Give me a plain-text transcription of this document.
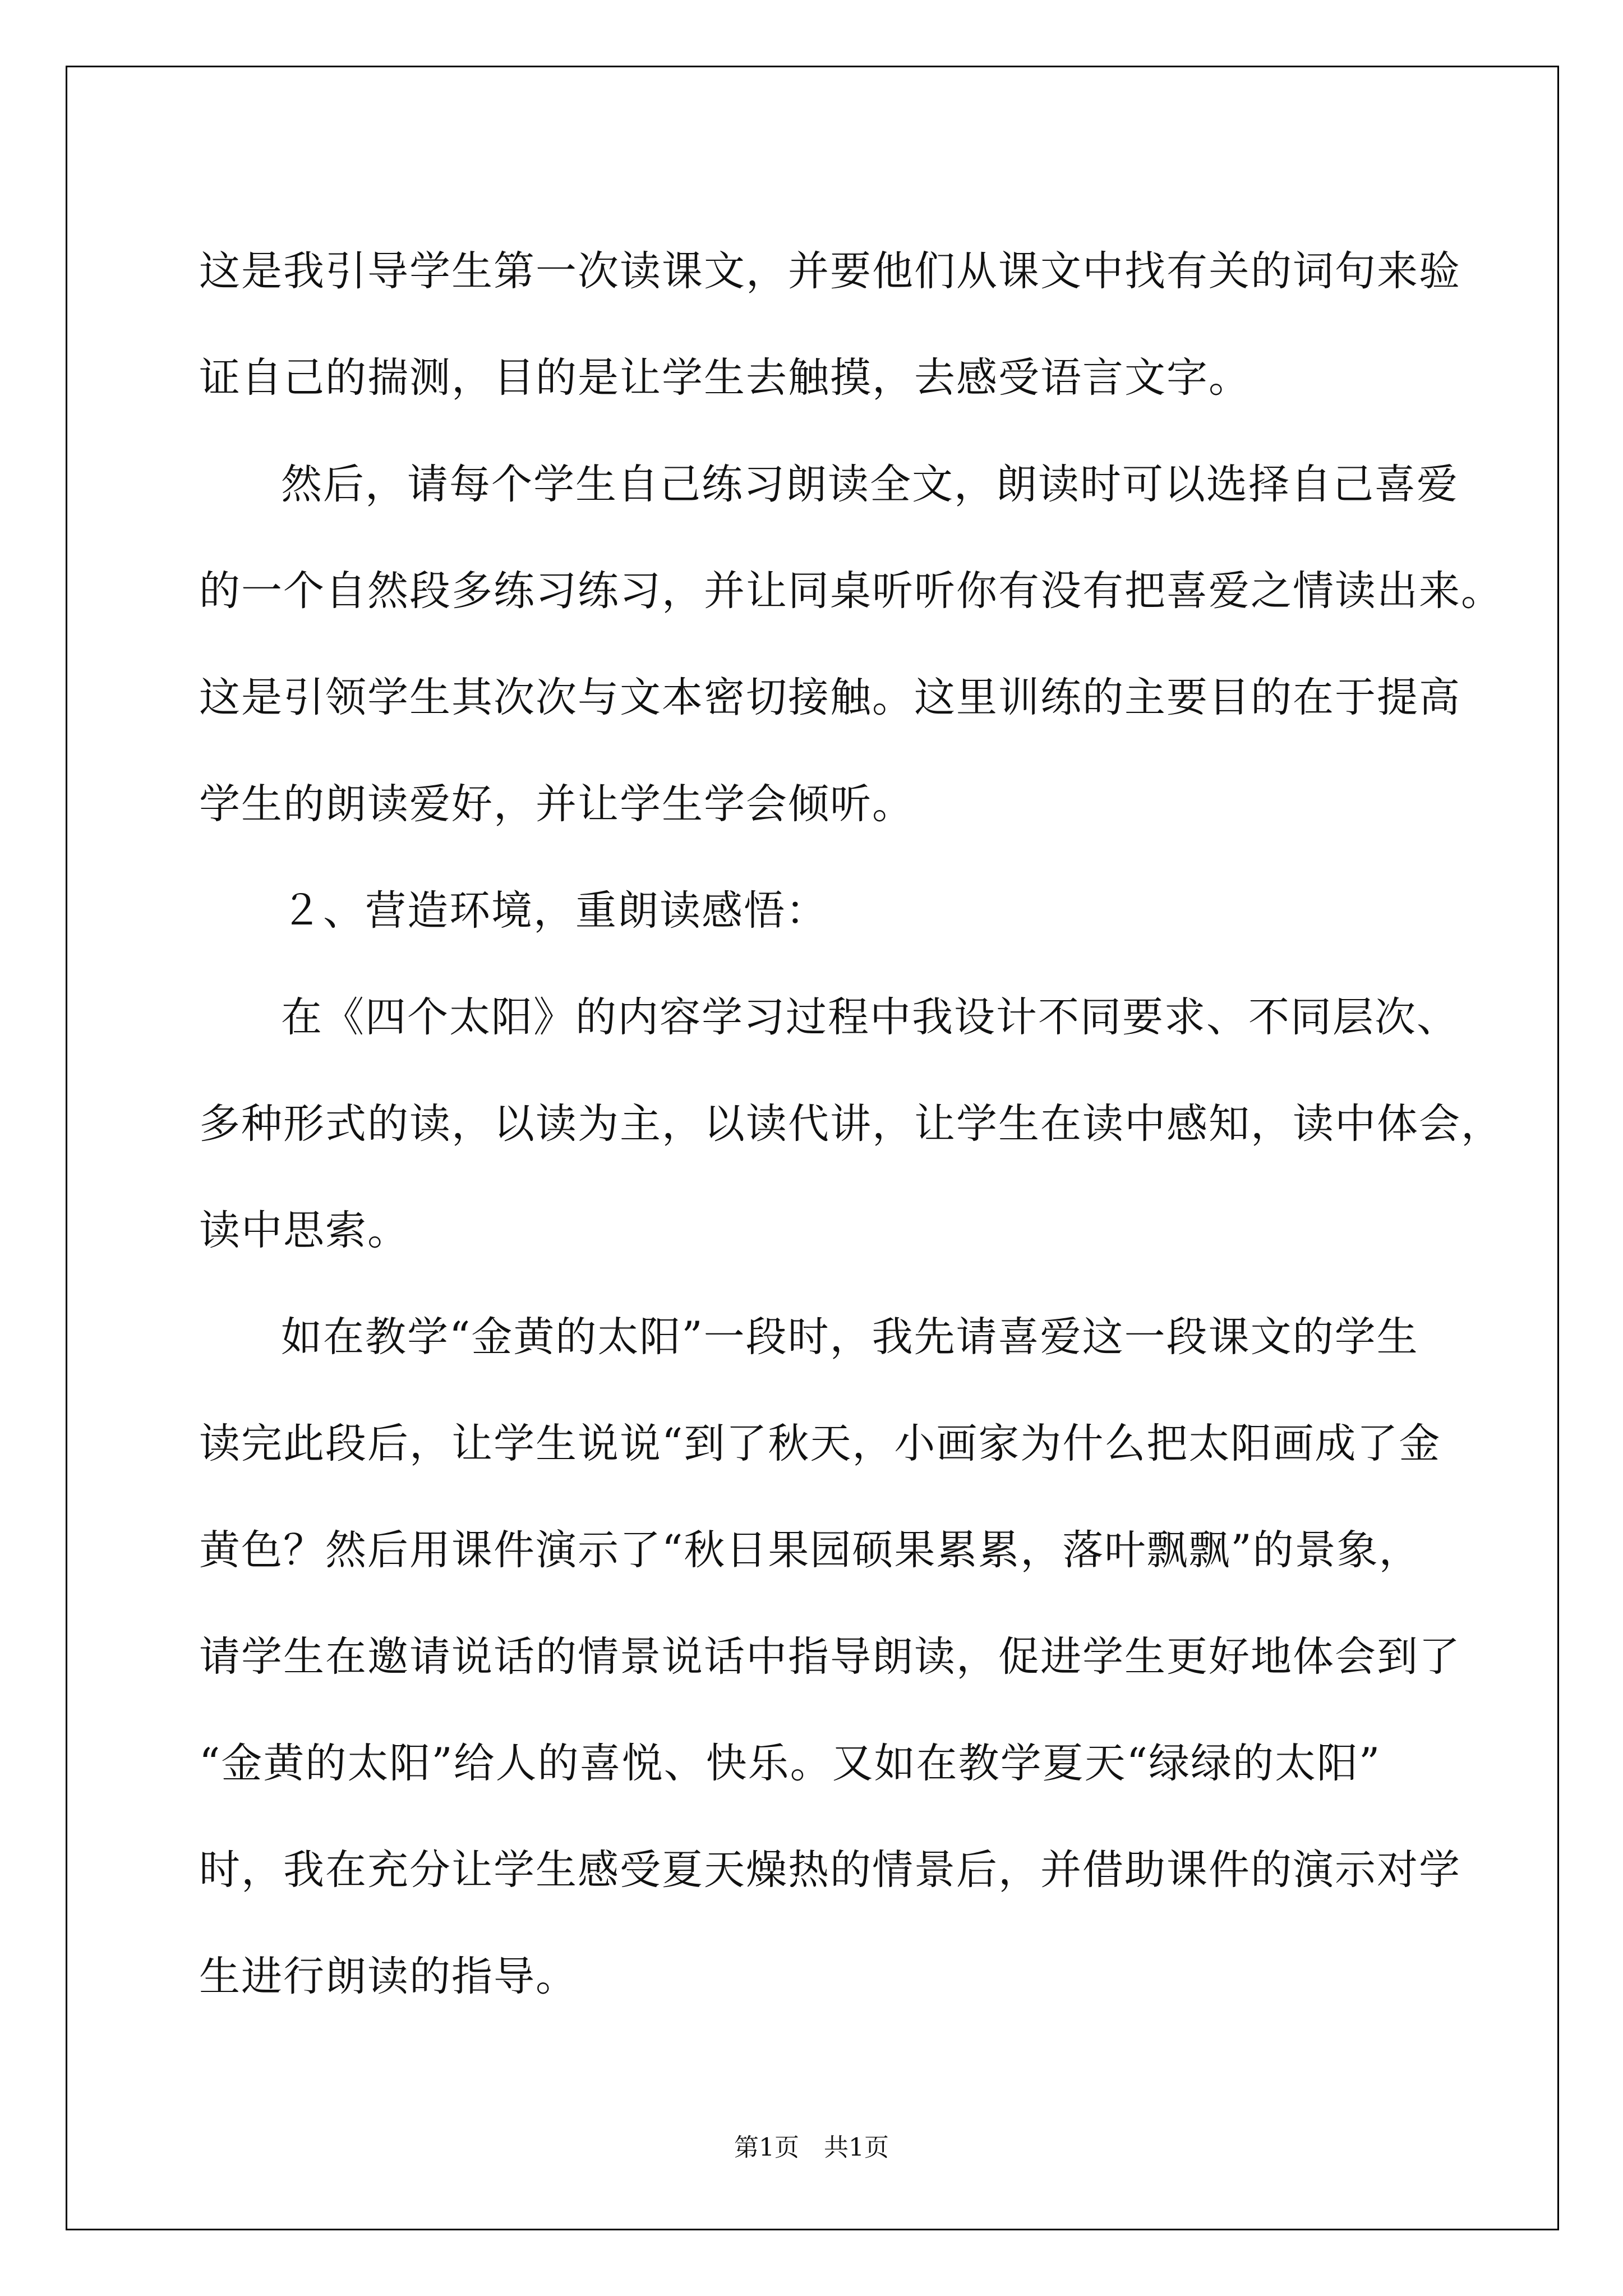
这是我引导学生第一次读课文，并要他们从课文中找有关的词句来验
证自己的揣测，目的是让学生去触摸，去感受语言文字。
然后，请每个学生自己练习朗读全文，朗读时可以选择自己喜爱
的一个自然段多练习练习，并让同桌听听你有没有把喜爱之情读出来。
这是引领学生其次次与文本密切接触。这里训练的主要目的在于提高
学生的朗读爱好，并让学生学会倾听。
２、营造环境，重朗读感悟：
在《四个太阳》的内容学习过程中我设计不同要求、不同层次、
多种形式的读，以读为主，以读代讲，让学生在读中感知，读中体会，
读中思索。
如在教学“金黄的太阳”一段时，我先请喜爱这一段课文的学生
读完此段后，让学生说说“到了秋天，小画家为什么把太阳画成了金
黄色？然后用课件演示了“秋日果园硕果累累，落叶飘飘”的景象，
请学生在邀请说话的情景说话中指导朗读，促进学生更好地体会到了
“金黄的太阳”给人的喜悦、快乐。又如在教学夏天“绿绿的太阳”
时，我在充分让学生感受夏天燥热的情景后，并借助课件的演示对学
生进行朗读的指导。
第1页　共1页
